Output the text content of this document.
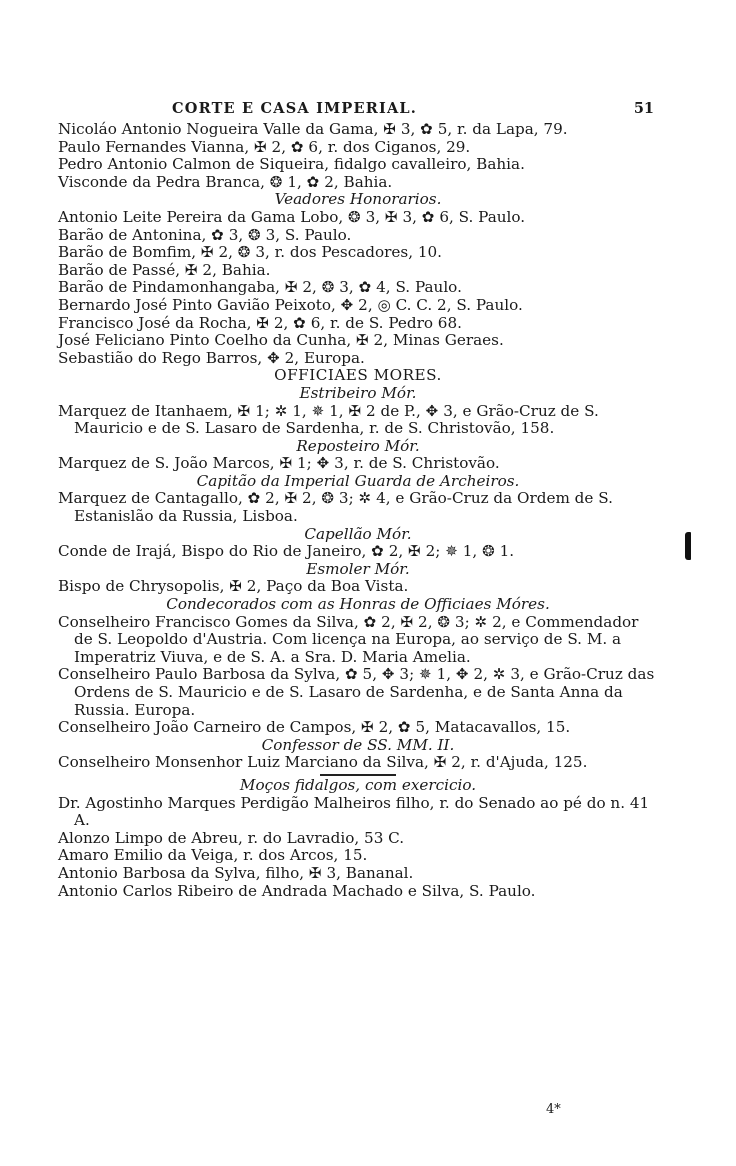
CORTE E CASA IMPERIAL.	51
Nicoláo Antonio Nogueira Valle da Gama, ✠ 3, ✿ 5, r. da Lapa, 79.
Paulo Fernandes Vianna, ✠ 2, ✿ 6, r. dos Ciganos, 29.
Pedro Antonio Calmon de Siqueira, fidalgo cavalleiro, Bahia.
Visconde da Pedra Branca, ❂ 1, ✿ 2, Bahia.
Veadores Honorarios.
Antonio Leite Pereira da Gama Lobo, ❂ 3, ✠ 3, ✿ 6, S. Paulo.
Barão de Antonina, ✿ 3, ❂ 3, S. Paulo.
Barão de Bomfim, ✠ 2, ❂ 3, r. dos Pescadores, 10.
Barão de Passé, ✠ 2, Bahia.
Barão de Pindamonhangaba, ✠ 2, ❂ 3, ✿ 4, S. Paulo.
Bernardo José Pinto Gavião Peixoto, ✥ 2, ◎ C. C. 2, S. Paulo.
Francisco José da Rocha, ✠ 2, ✿ 6, r. de S. Pedro 68.
José Feliciano Pinto Coelho da Cunha, ✠ 2, Minas Geraes.
Sebastião do Rego Barros, ✥ 2, Europa.
OFFICIAES MORES.
Estribeiro Mór.
Marquez de Itanhaem, ✠ 1; ✲ 1, ✵ 1, ✠ 2 de P., ✥ 3, e Grão-Cruz de S. Mauricio e de S. Lasaro de Sardenha, r. de S. Christovão, 158.
Reposteiro Mór.
Marquez de S. João Marcos, ✠ 1; ✥ 3, r. de S. Christovão.
Capitão da Imperial Guarda de Archeiros.
Marquez de Cantagallo, ✿ 2, ✠ 2, ❂ 3; ✲ 4, e Grão-Cruz da Ordem de S. Estanislão da Russia, Lisboa.
Capellão Mór.
Conde de Irajá, Bispo do Rio de Janeiro, ✿ 2, ✠ 2; ✵ 1, ❂ 1.
Esmoler Mór.
Bispo de Chrysopolis, ✠ 2, Paço da Boa Vista.
Condecorados com as Honras de Officiaes Móres.
Conselheiro Francisco Gomes da Silva, ✿ 2, ✠ 2, ❂ 3; ✲ 2, e Commendador de S. Leopoldo d'Austria. Com licença na Europa, ao serviço de S. M. a Imperatriz Viuva, e de S. A. a Sra. D. Maria Amelia.
Conselheiro Paulo Barbosa da Sylva, ✿ 5, ✥ 3; ✵ 1, ✥ 2, ✲ 3, e Grão-Cruz das Ordens de S. Mauricio e de S. Lasaro de Sardenha, e de Santa Anna da Russia. Europa.
Conselheiro João Carneiro de Campos, ✠ 2, ✿ 5, Matacavallos, 15.
Confessor de SS. MM. II.
Conselheiro Monsenhor Luiz Marciano da Silva, ✠ 2, r. d'Ajuda, 125.
Moços fidalgos, com exercicio.
Dr. Agostinho Marques Perdigão Malheiros filho, r. do Senado ao pé do n. 41 A.
Alonzo Limpo de Abreu, r. do Lavradio, 53 C.
Amaro Emilio da Veiga, r. dos Arcos, 15.
Antonio Barbosa da Sylva, filho, ✠ 3, Bananal.
Antonio Carlos Ribeiro de Andrada Machado e Silva, S. Paulo.
4*
